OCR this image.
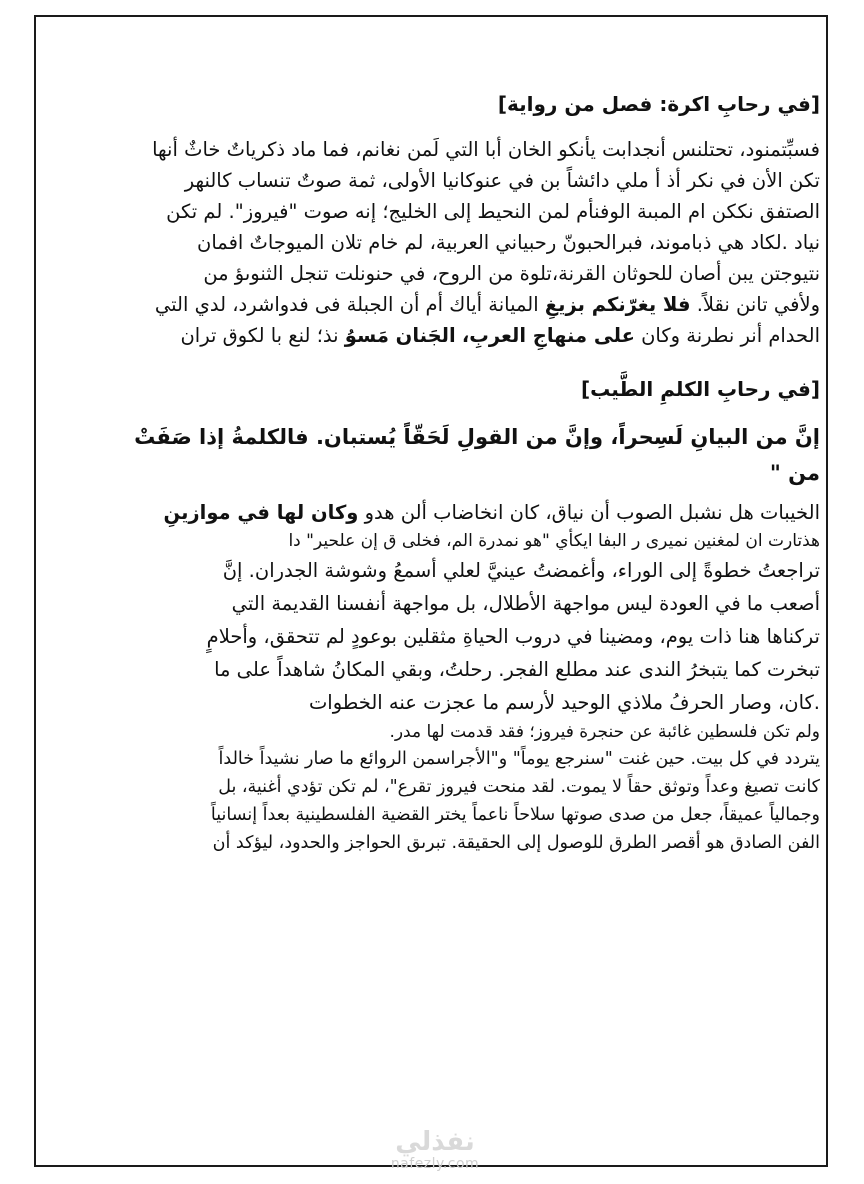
[في رحابِ اكرة: فصل من رواية]
فسبِّتمنود، تحتلنس أنجدابت يأنكو الخان أبا التي لَمن نغانم، فما ماد ذكرياتٌ خاثٌ أنها
تكن الأن في نكر أذ أ ملي دائشاً بن في عنوكانيا الأولى، ثمة صوتٌ تنساب كالنهر
الصتفق نككن ام المبىة الوفنأم لمن النحيط إلى الخليج؛ إنه صوت "فيروز". لم تكن
نياد .لكاد هي ذباموند، فبرالحبونّ رحبياني العربية، لم خام تلان الميوجاتٌ افمان
نتيوجتن يبن أصان للحوثان القرنة،تلوة من الروح، في حنونلت تنجل الثنوىؤ من
ولأفي تانن نقلاً. فلا يغرّنكم بزيغِ الميانة أياك أم أن الجبلة فى فدواشرد، لدي التي
الحدام أنر نطرنة وكان على منهاجِ العربِ، الجَنان مَسوُ نذ؛ لنع با لكوق تران
[في رحابِ الكلمِ الطَّيب]
إنَّ من البيانِ لَسِحراً، وإنَّ من القولِ لَحَقّاً يُستبان. فالكلمةُ إذا صَفَتْ من "
الخيبات هل نشبل الصوب أن نياق، كان انخاضاب ألن هدو وكان لها في موازينِ
هذتارت ان لمغنين نميرى ر البفا ايكأي "هو نمدرة الم، فخلى ق إن علحير" دا
تراجعتُ خطوةً إلى الوراء، وأغمضتُ عينيَّ لعلي أسمعُ وشوشة الجدران. إنَّ
أصعب ما في العودة ليس مواجهة الأطلال، بل مواجهة أنفسنا القديمة التي
تركناها هنا ذات يوم، ومضينا في دروب الحياةِ مثقلين بوعودٍ لم تتحقق، وأحلامٍ
تبخرت كما يتبخرُ الندى عند مطلع الفجر. رحلتُ، وبقي المكانُ شاهداً على ما
.كان، وصار الحرفُ ملاذي الوحيد لأرسم ما عجزت عنه الخطوات
ولم تكن فلسطين غائبة عن حنجرة فيروز؛ فقد قدمت لها مدر.
يتردد في كل بيت. حين غنت "سنرجع يوماً" و"الأجراسمن الروائع ما صار نشيداً خالداً
كانت تصيغ وعداً وتوثق حقاً لا يموت. لقد منحت فيروز تقرع"، لم تكن تؤدي أغنية، بل
وجمالياً عميقاً، جعل من صدى صوتها سلاحاً ناعماً يختر القضية الفلسطينية بعداً إنسانياً
الفن الصادق هو أقصر الطرق للوصول إلى الحقيقة. تبرىق الحواجز والحدود، ليؤكد أن
نفذلي
nafezly.com
